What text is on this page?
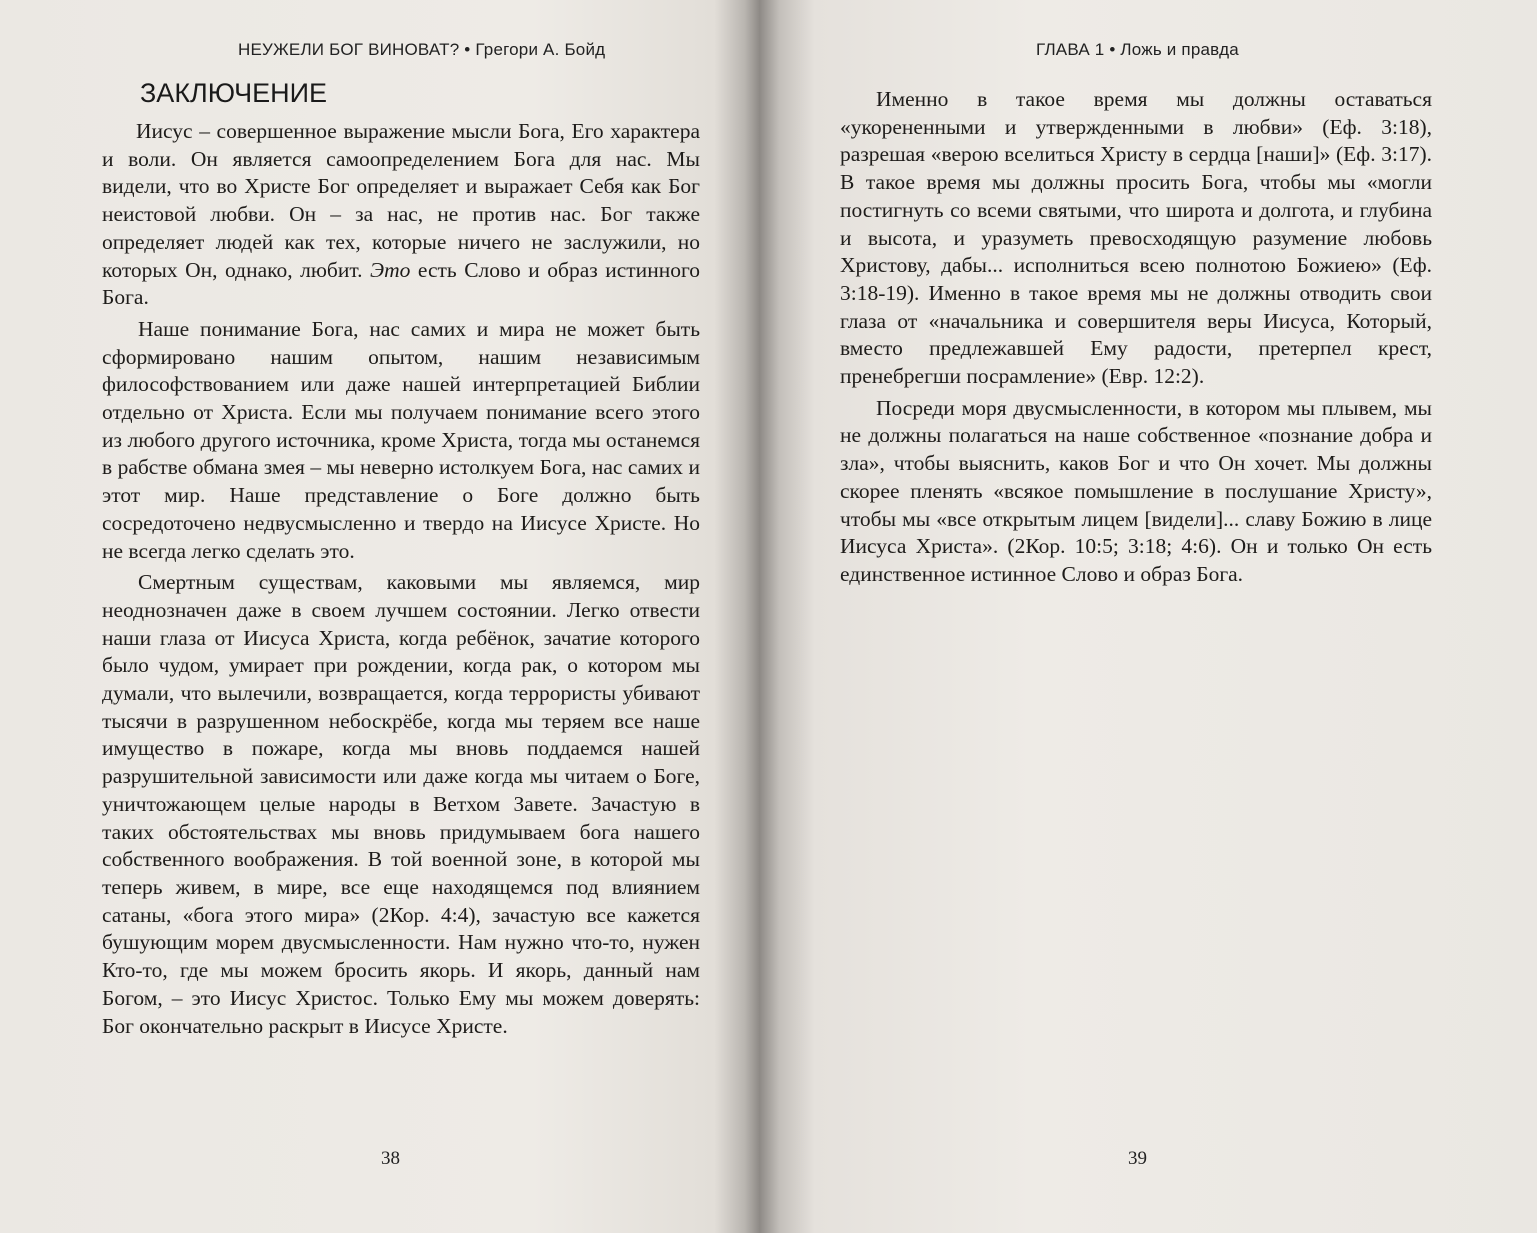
НЕУЖЕЛИ БОГ ВИНОВАТ? • Грегори А. Бойд
ЗАКЛЮЧЕНИЕ

Иисус – совершенное выражение мысли Бога, Его характера и воли. Он является самоопределением Бога для нас. Мы видели, что во Христе Бог определяет и выражает Себя как Бог неистовой любви. Он – за нас, не против нас. Бог также определяет людей как тех, которые ничего не заслужили, но которых Он, однако, любит. Это есть Слово и образ истинного Бога.

Наше понимание Бога, нас самих и мира не может быть сформировано нашим опытом, нашим независимым философствованием или даже нашей интерпретацией Библии отдельно от Христа. Если мы получаем понимание всего этого из любого другого источника, кроме Христа, тогда мы останемся в рабстве обмана змея – мы неверно истолкуем Бога, нас самих и этот мир. Наше представление о Боге должно быть сосредоточено недвусмысленно и твердо на Иисусе Христе. Но не всегда легко сделать это.

Смертным существам, каковыми мы являемся, мир неоднозначен даже в своем лучшем состоянии. Легко отвести наши глаза от Иисуса Христа, когда ребёнок, зачатие которого было чудом, умирает при рождении, когда рак, о котором мы думали, что вылечили, возвращается, когда террористы убивают тысячи в разрушенном небоскрёбе, когда мы теряем все наше имущество в пожаре, когда мы вновь поддаемся нашей разрушительной зависимости или даже когда мы читаем о Боге, уничтожающем целые народы в Ветхом Завете. Зачастую в таких обстоятельствах мы вновь придумываем бога нашего собственного воображения. В той военной зоне, в которой мы теперь живем, в мире, все еще находящемся под влиянием сатаны, «бога этого мира» (2Кор. 4:4), зачастую все кажется бушующим морем двусмысленности. Нам нужно что-то, нужен Кто-то, где мы можем бросить якорь. И якорь, данный нам Богом, – это Иисус Христос. Только Ему мы можем доверять: Бог окончательно раскрыт в Иисусе Христе.

38
ГЛАВА 1 • Ложь и правда

Именно в такое время мы должны оставаться «укорененными и утвержденными в любви» (Еф. 3:18), разрешая «верою вселиться Христу в сердца [наши]» (Еф. 3:17). В такое время мы должны просить Бога, чтобы мы «могли постигнуть со всеми святыми, что широта и долгота, и глубина и высота, и уразуметь превосходящую разумение любовь Христову, дабы... исполниться всею полнотою Божиею» (Еф. 3:18-19). Именно в такое время мы не должны отводить свои глаза от «начальника и совершителя веры Иисуса, Который, вместо предлежавшей Ему радости, претерпел крест, пренебрегши посрамление» (Евр. 12:2).

Посреди моря двусмысленности, в котором мы плывем, мы не должны полагаться на наше собственное «познание добра и зла», чтобы выяснить, каков Бог и что Он хочет. Мы должны скорее пленять «всякое помышление в послушание Христу», чтобы мы «все открытым лицем [видели]... славу Божию в лице Иисуса Христа». (2Кор. 10:5; 3:18; 4:6). Он и только Он есть единственное истинное Слово и образ Бога.

39
